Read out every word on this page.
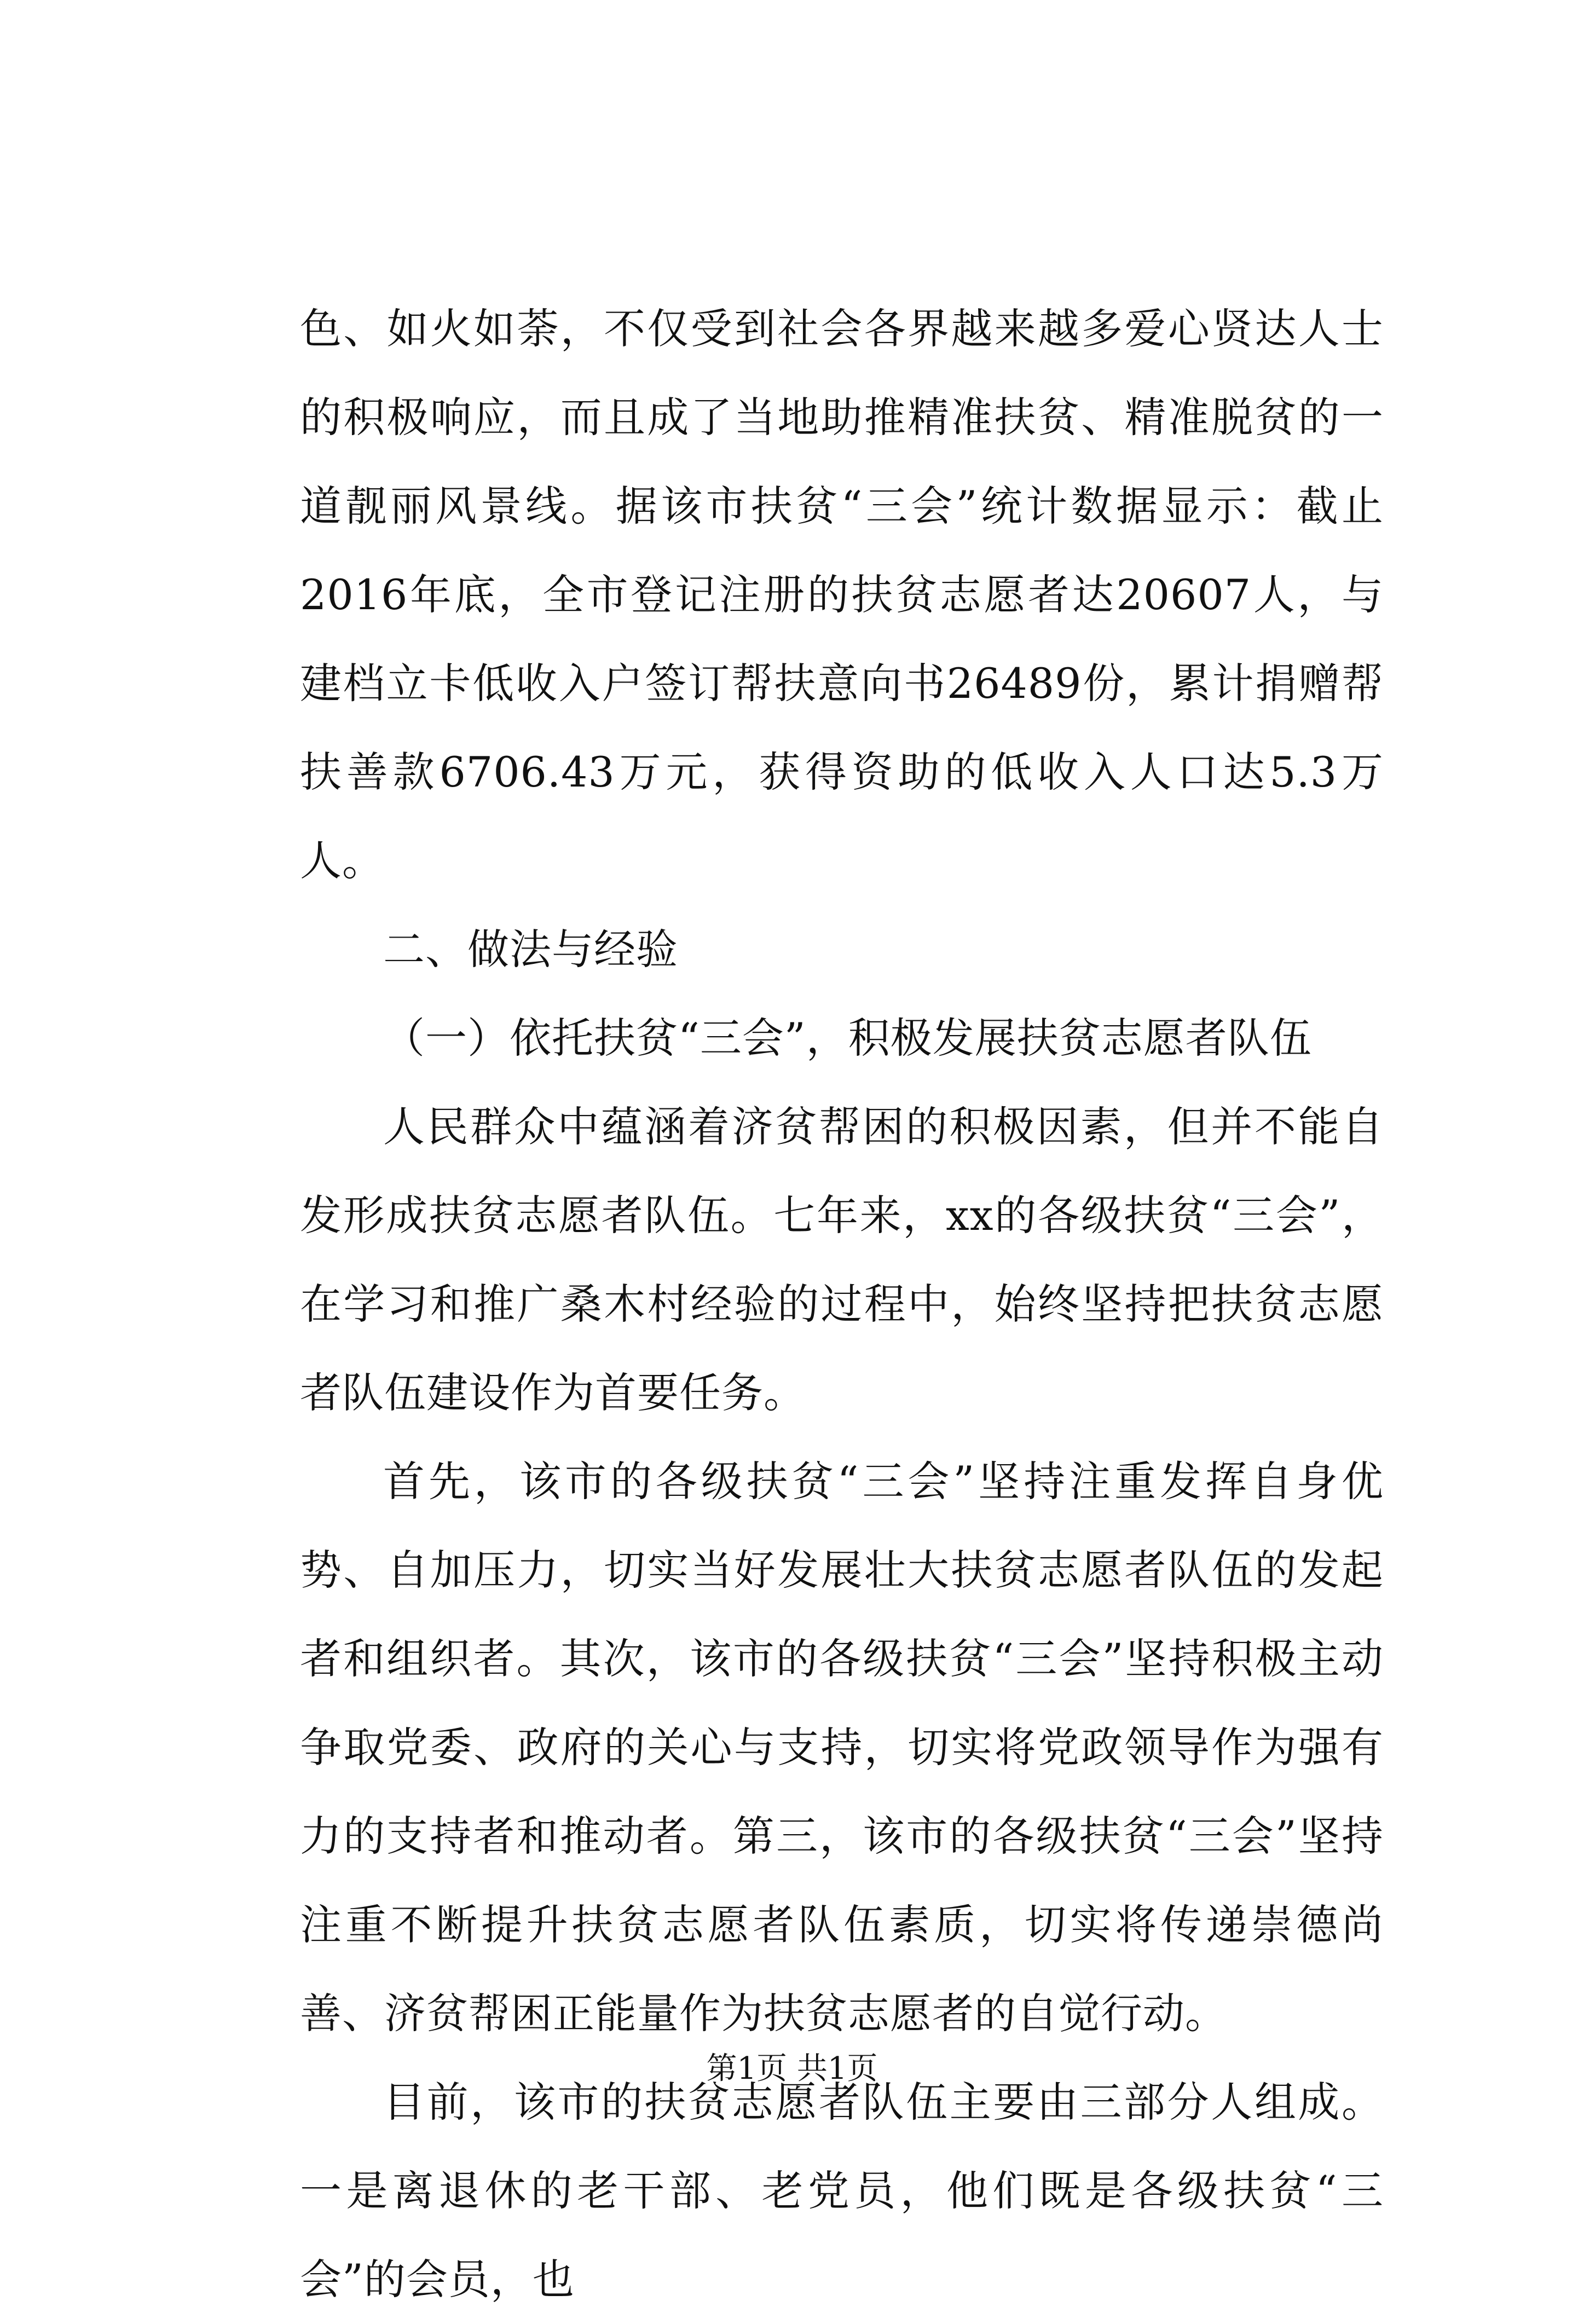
色、如火如荼，不仅受到社会各界越来越多爱心贤达人士的积极响应，而且成了当地助推精准扶贫、精准脱贫的一道靓丽风景线。据该市扶贫“三会”统计数据显示：截止2016年底，全市登记注册的扶贫志愿者达20607人，与建档立卡低收入户签订帮扶意向书26489份，累计捐赠帮扶善款6706.43万元，获得资助的低收入人口达5.3万人。

二、做法与经验

（一）依托扶贫“三会”，积极发展扶贫志愿者队伍

人民群众中蕴涵着济贫帮困的积极因素，但并不能自发形成扶贫志愿者队伍。七年来，xx的各级扶贫“三会”，在学习和推广桑木村经验的过程中，始终坚持把扶贫志愿者队伍建设作为首要任务。

首先，该市的各级扶贫“三会”坚持注重发挥自身优势、自加压力，切实当好发展壮大扶贫志愿者队伍的发起者和组织者。其次，该市的各级扶贫“三会”坚持积极主动争取党委、政府的关心与支持，切实将党政领导作为强有力的支持者和推动者。第三，该市的各级扶贫“三会”坚持注重不断提升扶贫志愿者队伍素质，切实将传递崇德尚善、济贫帮困正能量作为扶贫志愿者的自觉行动。

目前，该市的扶贫志愿者队伍主要由三部分人组成。一是离退休的老干部、老党员，他们既是各级扶贫“三会”的会员，也

第1页 共1页
